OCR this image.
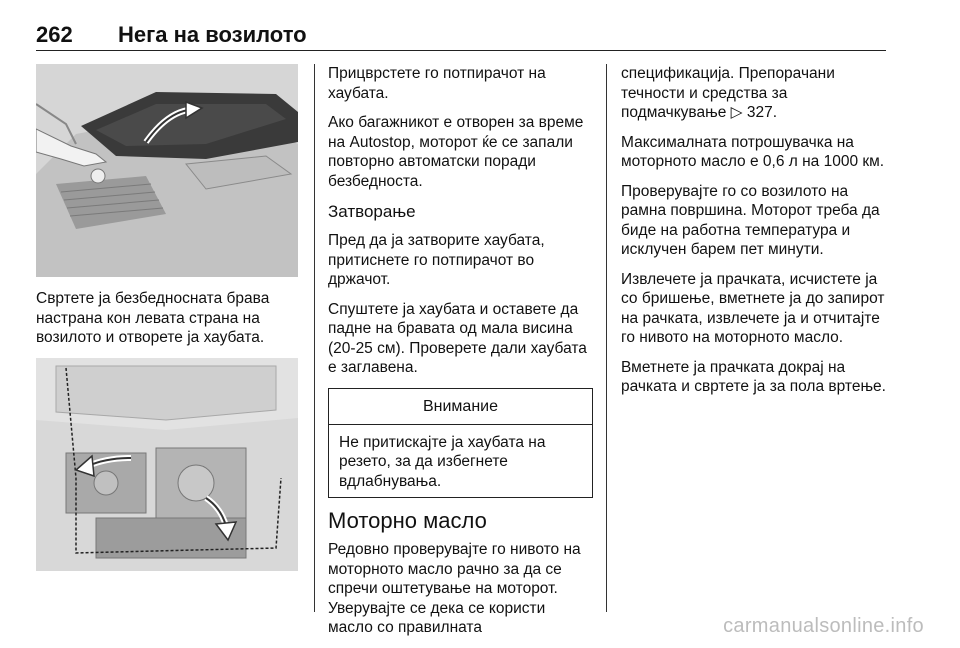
262 Нега на возилото

Свртете ја безбедносната брава настрана кон левата страна на возилото и отворете ја хаубата.

Прицврстете го потпирачот на хаубата.

Ако багажникот е отворен за време на Autostop, моторот ќе се запали повторно автоматски поради безбедноста.

Затворање

Пред да ја затворите хаубата, притиснете го потпирачот во држачот.

Спуштете ја хаубата и оставете да падне на бравата од мала висина (20-25 см). Проверете дали хаубата е заглавена.

Внимание
Не притискајте ја хаубата на резето, за да избегнете вдлабнувања.
Моторно масло

Редовно проверувајте го нивото на моторното масло рачно за да се спречи оштетување на моторот. Уверувајте се дека се користи масло со правилната

спецификација. Препорачани течности и средства за подмачкување ▷ 327.

Максималната потрошувачка на моторното масло е 0,6 л на 1000 км.

Проверувајте го со возилото на рамна површина. Моторот треба да биде на работна температура и исклучен барем пет минути.

Извлечете ја прачката, исчистете ја со бришење, вметнете ја до запирот на рачката, извлечете ја и отчитајте го нивото на моторното масло.

Вметнете ја прачката докрај на рачката и свртете ја за пола вртење.

carmanualsonline.info
